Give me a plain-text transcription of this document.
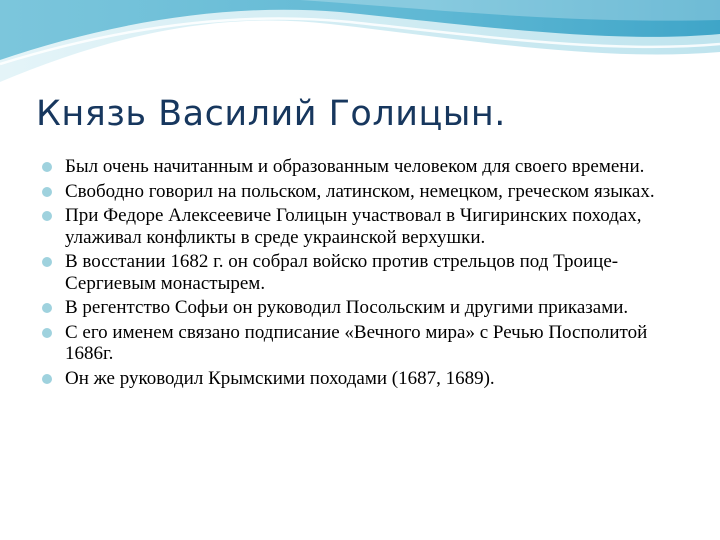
Князь Василий Голицын.
Был очень начитанным и образованным человеком для своего времени.
Свободно говорил на польском, латинском, немецком, греческом языках.
При Федоре Алексеевиче Голицын участвовал в Чигиринских походах, улаживал конфликты в среде украинской верхушки.
В восстании 1682 г. он собрал войско против стрельцов под Троице-Сергиевым монастырем.
В регентство Софьи он руководил Посольским и другими приказами.
С его именем связано подписание «Вечного мира» с Речью Посполитой 1686г.
Он же руководил Крымскими походами (1687, 1689).
